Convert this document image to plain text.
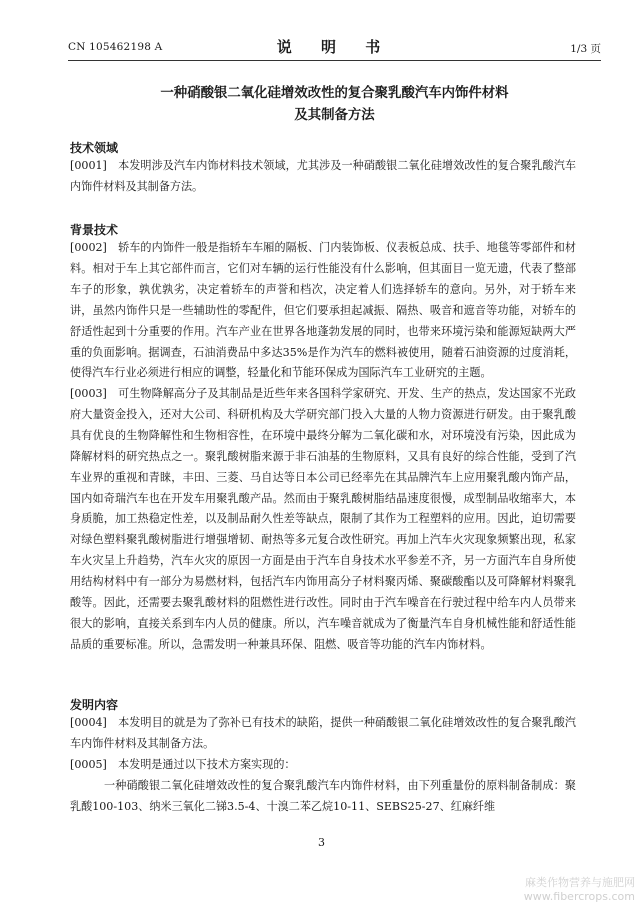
CN 105462198 A	说 明 书	1/3 页
一种硝酸银二氧化硅增效改性的复合聚乳酸汽车内饰件材料
及其制备方法
技术领域

[0001] 本发明涉及汽车内饰材料技术领域，尤其涉及一种硝酸银二氧化硅增效改性的复合聚乳酸汽车内饰件材料及其制备方法。

背景技术

[0002] 轿车的内饰件一般是指轿车车厢的隔板、门内装饰板、仪表板总成、扶手、地毯等零部件和材料。相对于车上其它部件而言，它们对车辆的运行性能没有什么影响，但其面目一览无遗，代表了整部车子的形象，孰优孰劣，决定着轿车的声誉和档次，决定着人们选择轿车的意向。另外，对于轿车来讲，虽然内饰件只是一些辅助性的零配件，但它们要承担起减振、隔热、吸音和遮音等功能，对轿车的舒适性起到十分重要的作用。汽车产业在世界各地蓬勃发展的同时，也带来环境污染和能源短缺两大严重的负面影响。据调查，石油消费品中多达35%是作为汽车的燃料被使用，随着石油资源的过度消耗，使得汽车行业必须进行相应的调整，轻量化和节能环保成为国际汽车工业研究的主题。

[0003] 可生物降解高分子及其制品是近些年来各国科学家研究、开发、生产的热点，发达国家不光政府大量资金投入，还对大公司、科研机构及大学研究部门投入大量的人物力资源进行研发。由于聚乳酸具有优良的生物降解性和生物相容性，在环境中最终分解为二氧化碳和水，对环境没有污染，因此成为降解材料的研究热点之一。聚乳酸树脂来源于非石油基的生物原料，又具有良好的综合性能，受到了汽车业界的重视和青睐，丰田、三菱、马自达等日本公司已经率先在其品牌汽车上应用聚乳酸内饰产品，国内如奇瑞汽车也在开发车用聚乳酸产品。然而由于聚乳酸树脂结晶速度很慢，成型制品收缩率大，本身质脆，加工热稳定性差，以及制品耐久性差等缺点，限制了其作为工程塑料的应用。因此，迫切需要对绿色塑料聚乳酸树脂进行增强增韧、耐热等多元复合改性研究。再加上汽车火灾现象频繁出现，私家车火灾呈上升趋势，汽车火灾的原因一方面是由于汽车自身技术水平参差不齐，另一方面汽车自身所使用结构材料中有一部分为易燃材料，包括汽车内饰用高分子材料聚丙烯、聚碳酸酯以及可降解材料聚乳酸等。因此，还需要去聚乳酸材料的阻燃性进行改性。同时由于汽车噪音在行驶过程中给车内人员带来很大的影响，直接关系到车内人员的健康。所以，汽车噪音就成为了衡量汽车自身机械性能和舒适性能品质的重要标准。所以，急需发明一种兼具环保、阻燃、吸音等功能的汽车内饰材料。

发明内容

[0004] 本发明目的就是为了弥补已有技术的缺陷，提供一种硝酸银二氧化硅增效改性的复合聚乳酸汽车内饰件材料及其制备方法。

[0005] 本发明是通过以下技术方案实现的：

一种硝酸银二氧化硅增效改性的复合聚乳酸汽车内饰件材料，由下列重量份的原料制备制成：聚乳酸100-103、纳米三氧化二锑3.5-4、十溴二苯乙烷10-11、SEBS25-27、红麻纤维

3
麻类作物营养与施肥网
www.fibercrops.com
